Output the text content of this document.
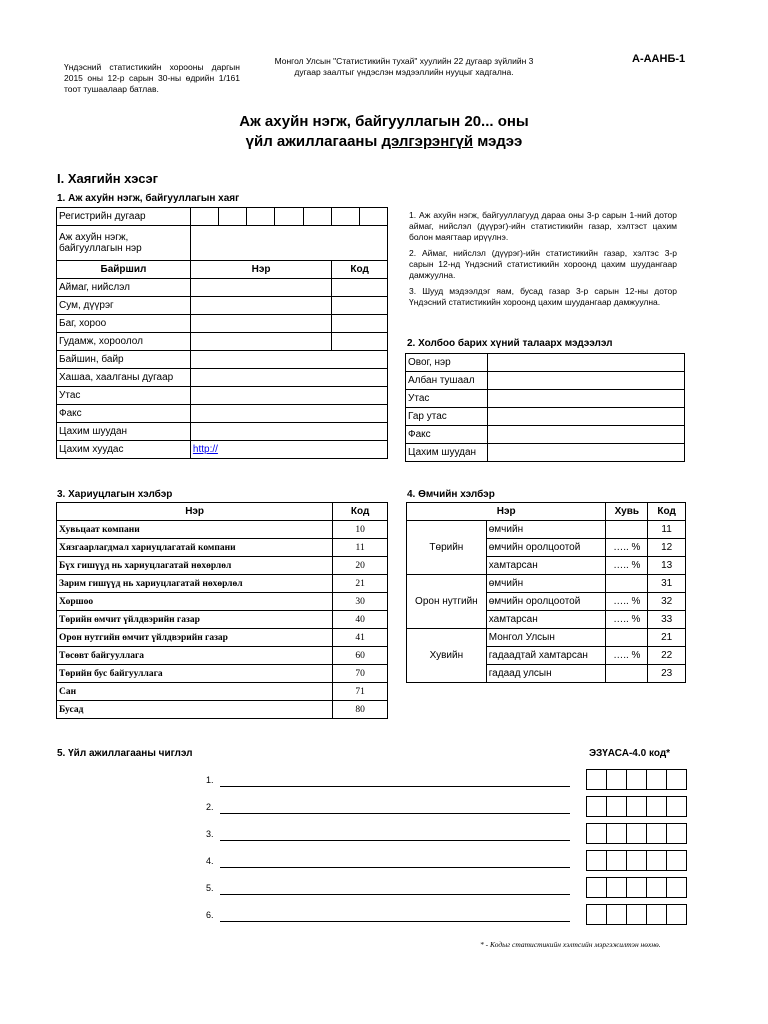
Үндэсний статистикийн хорооны даргын 2015 оны 12-р сарын 30-ны өдрийн 1/161 тоот тушаалаар батлав.
Монгол Улсын "Статистикийн тухай" хуулийн 22 дугаар зүйлийн 3 дугаар заалтыг үндэслэн мэдээллийн нууцыг хадгална.
А-ААНБ-1
Аж ахуйн нэгж, байгууллагын 20... оны
үйл ажиллагааны дэлгэрэнгүй мэдээ
I. Хаягийн хэсэг
1. Аж ахуйн нэгж, байгууллагын хаяг
Регистрийн дугаар		

Аж ахуйн нэгж, байгууллагын нэр		
Байршил	Нэр	Код
Аймаг, нийслэл		
Сум, дүүрэг		
Баг, хороо		
Гудамж, хороолол		
Байшин, байр		
Хашаа, хаалганы дугаар		
Утас		
Факс		
Цахим шуудан		
Цахим хуудас	http://	

1. Аж ахуйн нэгж, байгууллагууд дараа оны 3-р сарын 1-ний дотор аймаг, нийслэл (дүүрэг)-ийн статистикийн газар, хэлтэст цахим болон маягтаар ирүүлнэ.

2. Аймаг, нийслэл (дүүрэг)-ийн статистикийн газар, хэлтэс 3-р сарын 12-нд Үндэсний статистикийн хороонд цахим шуудангаар дамжуулна.

3. Шууд мэдээлдэг яам, бусад газар 3-р сарын 12-ны дотор Үндэсний статистикийн хороонд цахим шуудангаар дамжуулна.

2. Холбоо барих хүний талаарх мэдээлэл
Овог, нэр	
Албан тушаал	
Утас	
Гар утас	
Факс	
Цахим шуудан	
3. Хариуцлагын хэлбэр
Нэр	Код
Хувьцаат компани	10
Хязгаарлагдмал хариуцлагатай компани	11
Бүх гишүүд нь хариуцлагатай нөхөрлөл	20
Зарим гишүүд нь хариуцлагатай нөхөрлөл	21
Хоршоо	30
Төрийн өмчит үйлдвэрийн газар	40
Орон нутгийн өмчит үйлдвэрийн газар	41
Төсөвт байгууллага	60
Төрийн бус байгууллага	70
Сан	71
Бусад	80
4. Өмчийн хэлбэр
Нэр		Хувь	Код
Төрийн	өмчийн		11
	өмчийн оролцоотой	….. %	12
	хамтарсан	….. %	13
Орон нутгийн	өмчийн		31
	өмчийн оролцоотой	….. %	32
	хамтарсан	….. %	33
Хувийн	Монгол Улсын		21
	гадаадтай хамтарсан	….. %	22
	гадаад улсын		23
5. Үйл ажиллагааны чиглэл	ЭЗҮАСА-4.0 код*
1.
2.
3.
4.
5.
6.
* - Кодыг статистикийн хэлтсийн мэргэжилтэн нөхнө.
